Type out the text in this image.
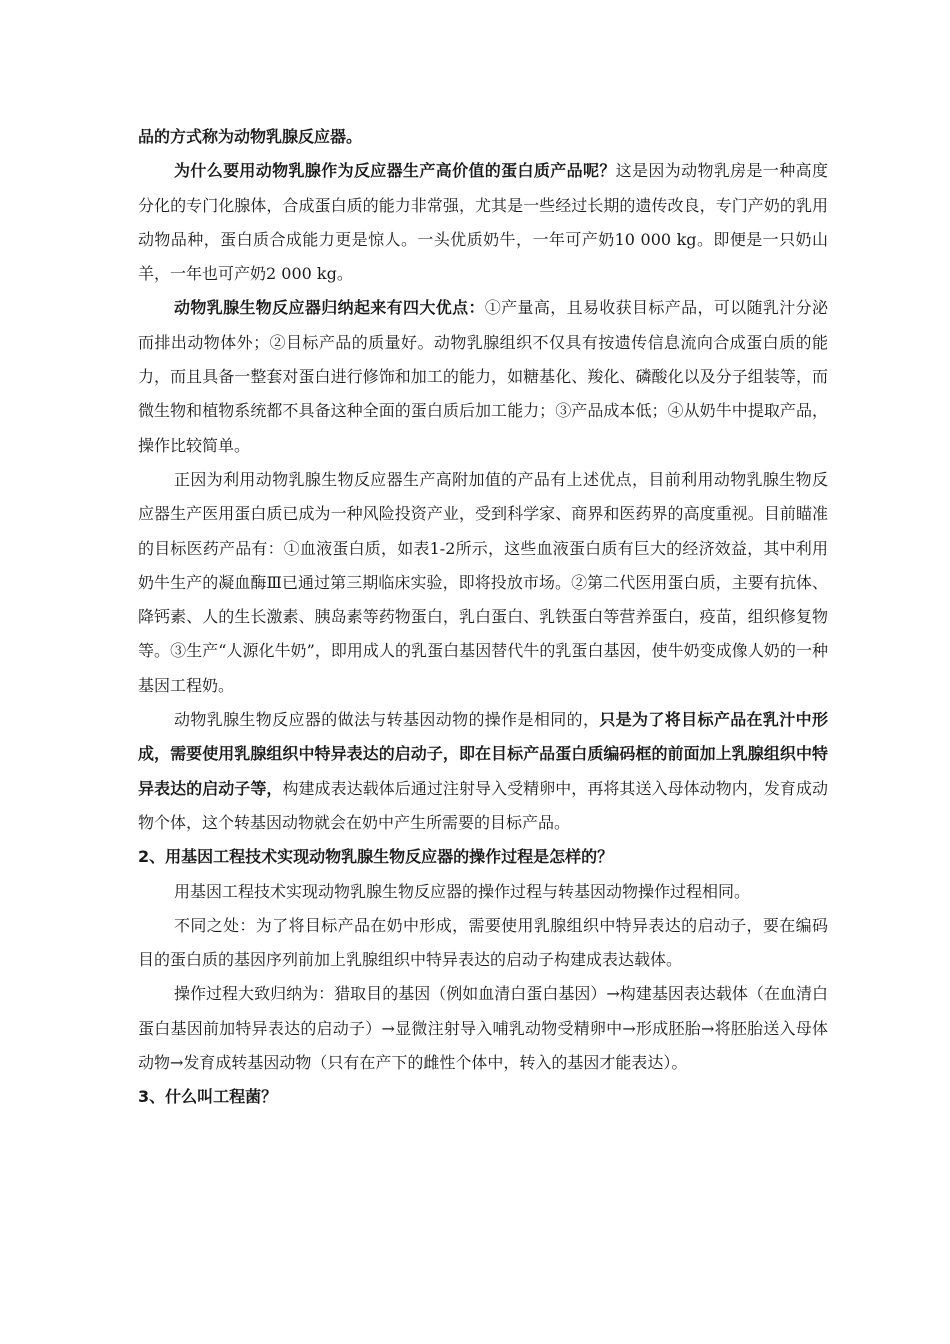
品的方式称为动物乳腺反应器。

为什么要用动物乳腺作为反应器生产高价值的蛋白质产品呢？这是因为动物乳房是一种高度分化的专门化腺体，合成蛋白质的能力非常强，尤其是一些经过长期的遗传改良，专门产奶的乳用动物品种，蛋白质合成能力更是惊人。一头优质奶牛，一年可产奶10 000 kg。即便是一只奶山羊，一年也可产奶2 000 kg。

动物乳腺生物反应器归纳起来有四大优点：①产量高，且易收获目标产品，可以随乳汁分泌而排出动物体外；②目标产品的质量好。动物乳腺组织不仅具有按遗传信息流向合成蛋白质的能力，而且具备一整套对蛋白进行修饰和加工的能力，如糖基化、羧化、磷酸化以及分子组装等，而微生物和植物系统都不具备这种全面的蛋白质后加工能力；③产品成本低；④从奶牛中提取产品，操作比较简单。

正因为利用动物乳腺生物反应器生产高附加值的产品有上述优点，目前利用动物乳腺生物反应器生产医用蛋白质已成为一种风险投资产业，受到科学家、商界和医药界的高度重视。目前瞄准的目标医药产品有：①血液蛋白质，如表1-2所示，这些血液蛋白质有巨大的经济效益，其中利用奶牛生产的凝血酶Ⅲ已通过第三期临床实验，即将投放市场。②第二代医用蛋白质，主要有抗体、降钙素、人的生长激素、胰岛素等药物蛋白，乳白蛋白、乳铁蛋白等营养蛋白，疫苗，组织修复物等。③生产“人源化牛奶”，即用成人的乳蛋白基因替代牛的乳蛋白基因，使牛奶变成像人奶的一种基因工程奶。

动物乳腺生物反应器的做法与转基因动物的操作是相同的，只是为了将目标产品在乳汁中形成，需要使用乳腺组织中特异表达的启动子，即在目标产品蛋白质编码框的前面加上乳腺组织中特异表达的启动子等，构建成表达载体后通过注射导入受精卵中，再将其送入母体动物内，发育成动物个体，这个转基因动物就会在奶中产生所需要的目标产品。

2、用基因工程技术实现动物乳腺生物反应器的操作过程是怎样的？

用基因工程技术实现动物乳腺生物反应器的操作过程与转基因动物操作过程相同。

不同之处：为了将目标产品在奶中形成，需要使用乳腺组织中特异表达的启动子，要在编码目的蛋白质的基因序列前加上乳腺组织中特异表达的启动子构建成表达载体。

操作过程大致归纳为：猎取目的基因（例如血清白蛋白基因）→构建基因表达载体（在血清白蛋白基因前加特异表达的启动子）→显微注射导入哺乳动物受精卵中→形成胚胎→将胚胎送入母体动物→发育成转基因动物（只有在产下的雌性个体中，转入的基因才能表达）。

3、什么叫工程菌？
